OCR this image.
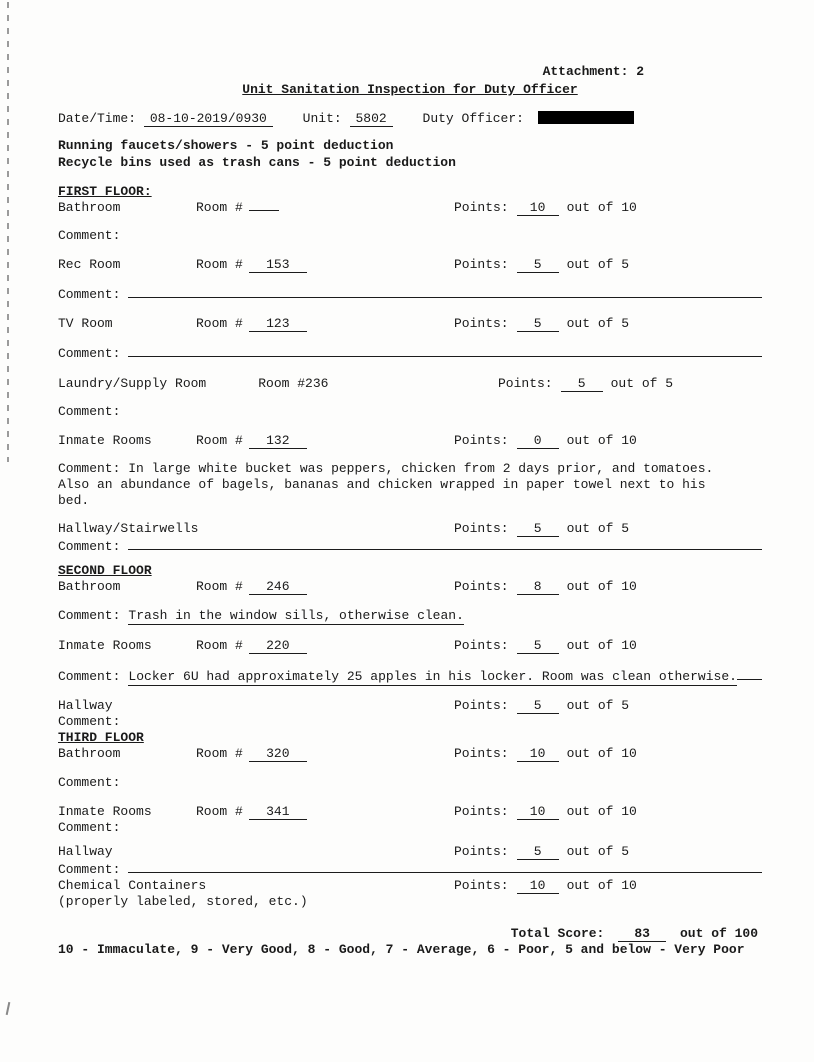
Attachment: 2
Unit Sanitation Inspection for Duty Officer
Date/Time: 08-10-2019/0930	Unit: 5802	Duty Officer:
Running faucets/showers - 5 point deduction
Recycle bins used as trash cans - 5 point deduction
FIRST FLOOR:
Bathroom	Room #	Points:	10	out of 10
Comment:
Rec Room	Room #	153	Points:	5	out of 5
Comment:
TV Room	Room #	123	Points:	5	out of 5
Comment:
Laundry/Supply Room	Room #236	Points:	5	out of 5
Comment:
Inmate Rooms	Room #	132	Points:	0	out of 10
Comment: In large white bucket was peppers, chicken from 2 days prior, and tomatoes. Also an abundance of bagels, bananas and chicken wrapped in paper towel next to his bed.
Hallway/Stairwells	Points:	5	out of 5
Comment:
SECOND FLOOR
Bathroom	Room #	246	Points:	8	out of 10
Comment: Trash in the window sills, otherwise clean.
Inmate Rooms	Room #	220	Points:	5	out of 10
Comment: Locker 6U had approximately 25 apples in his locker. Room was clean otherwise.
Hallway	Points:	5	out of 5
Comment:
THIRD FLOOR
Bathroom	Room #	320	Points:	10	out of 10
Comment:
Inmate Rooms	Room #	341	Points:	10	out of 10
Comment:
Hallway	Points:	5	out of 5
Comment:
Chemical Containers	Points:	10	out of 10
(properly labeled, stored, etc.)
Total Score: 83 out of 100
10 - Immaculate, 9 - Very Good, 8 - Good, 7 - Average, 6 - Poor, 5 and below - Very Poor
